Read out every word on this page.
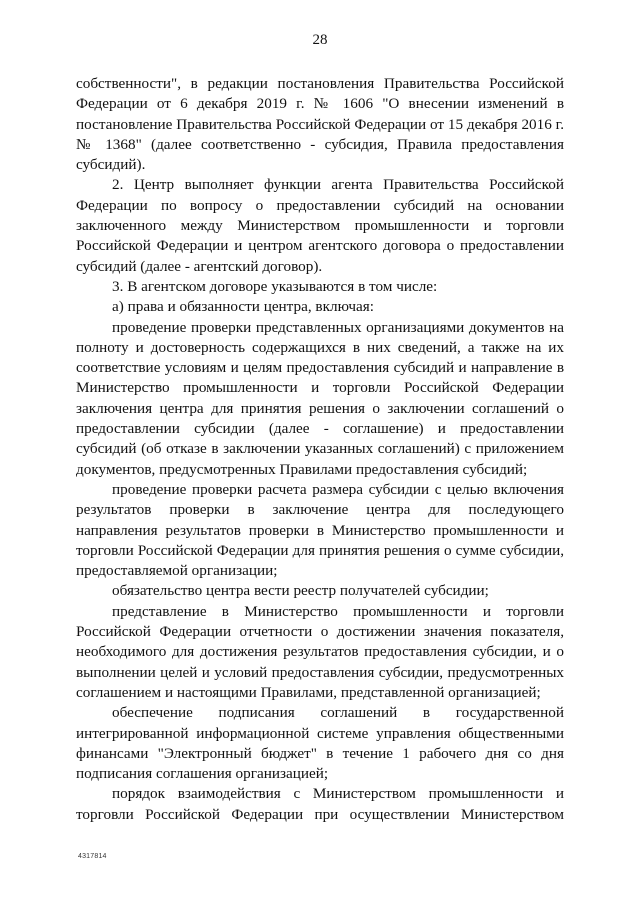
28

собственности", в редакции постановления Правительства Российской Федерации от 6 декабря 2019 г. № 1606 "О внесении изменений в постановление Правительства Российской Федерации от 15 декабря 2016 г. № 1368" (далее соответственно - субсидия, Правила предоставления субсидий).

2. Центр выполняет функции агента Правительства Российской Федерации по вопросу о предоставлении субсидий на основании заключенного между Министерством промышленности и торговли Российской Федерации и центром агентского договора о предоставлении субсидий (далее - агентский договор).

3. В агентском договоре указываются в том числе:

а) права и обязанности центра, включая:

проведение проверки представленных организациями документов на полноту и достоверность содержащихся в них сведений, а также на их соответствие условиям и целям предоставления субсидий и направление в Министерство промышленности и торговли Российской Федерации заключения центра для принятия решения о заключении соглашений о предоставлении субсидии (далее - соглашение) и предоставлении субсидий (об отказе в заключении указанных соглашений) с приложением документов, предусмотренных Правилами предоставления субсидий;

проведение проверки расчета размера субсидии с целью включения результатов проверки в заключение центра для последующего направления результатов проверки в Министерство промышленности и торговли Российской Федерации для принятия решения о сумме субсидии, предоставляемой организации;

обязательство центра вести реестр получателей субсидии;

представление в Министерство промышленности и торговли Российской Федерации отчетности о достижении значения показателя, необходимого для достижения результатов предоставления субсидии, и о выполнении целей и условий предоставления субсидии, предусмотренных соглашением и настоящими Правилами, представленной организацией;

обеспечение подписания соглашений в государственной интегрированной информационной системе управления общественными финансами "Электронный бюджет" в течение 1 рабочего дня со дня подписания соглашения организацией;

порядок взаимодействия с Министерством промышленности и торговли Российской Федерации при осуществлении Министерством

4317814
